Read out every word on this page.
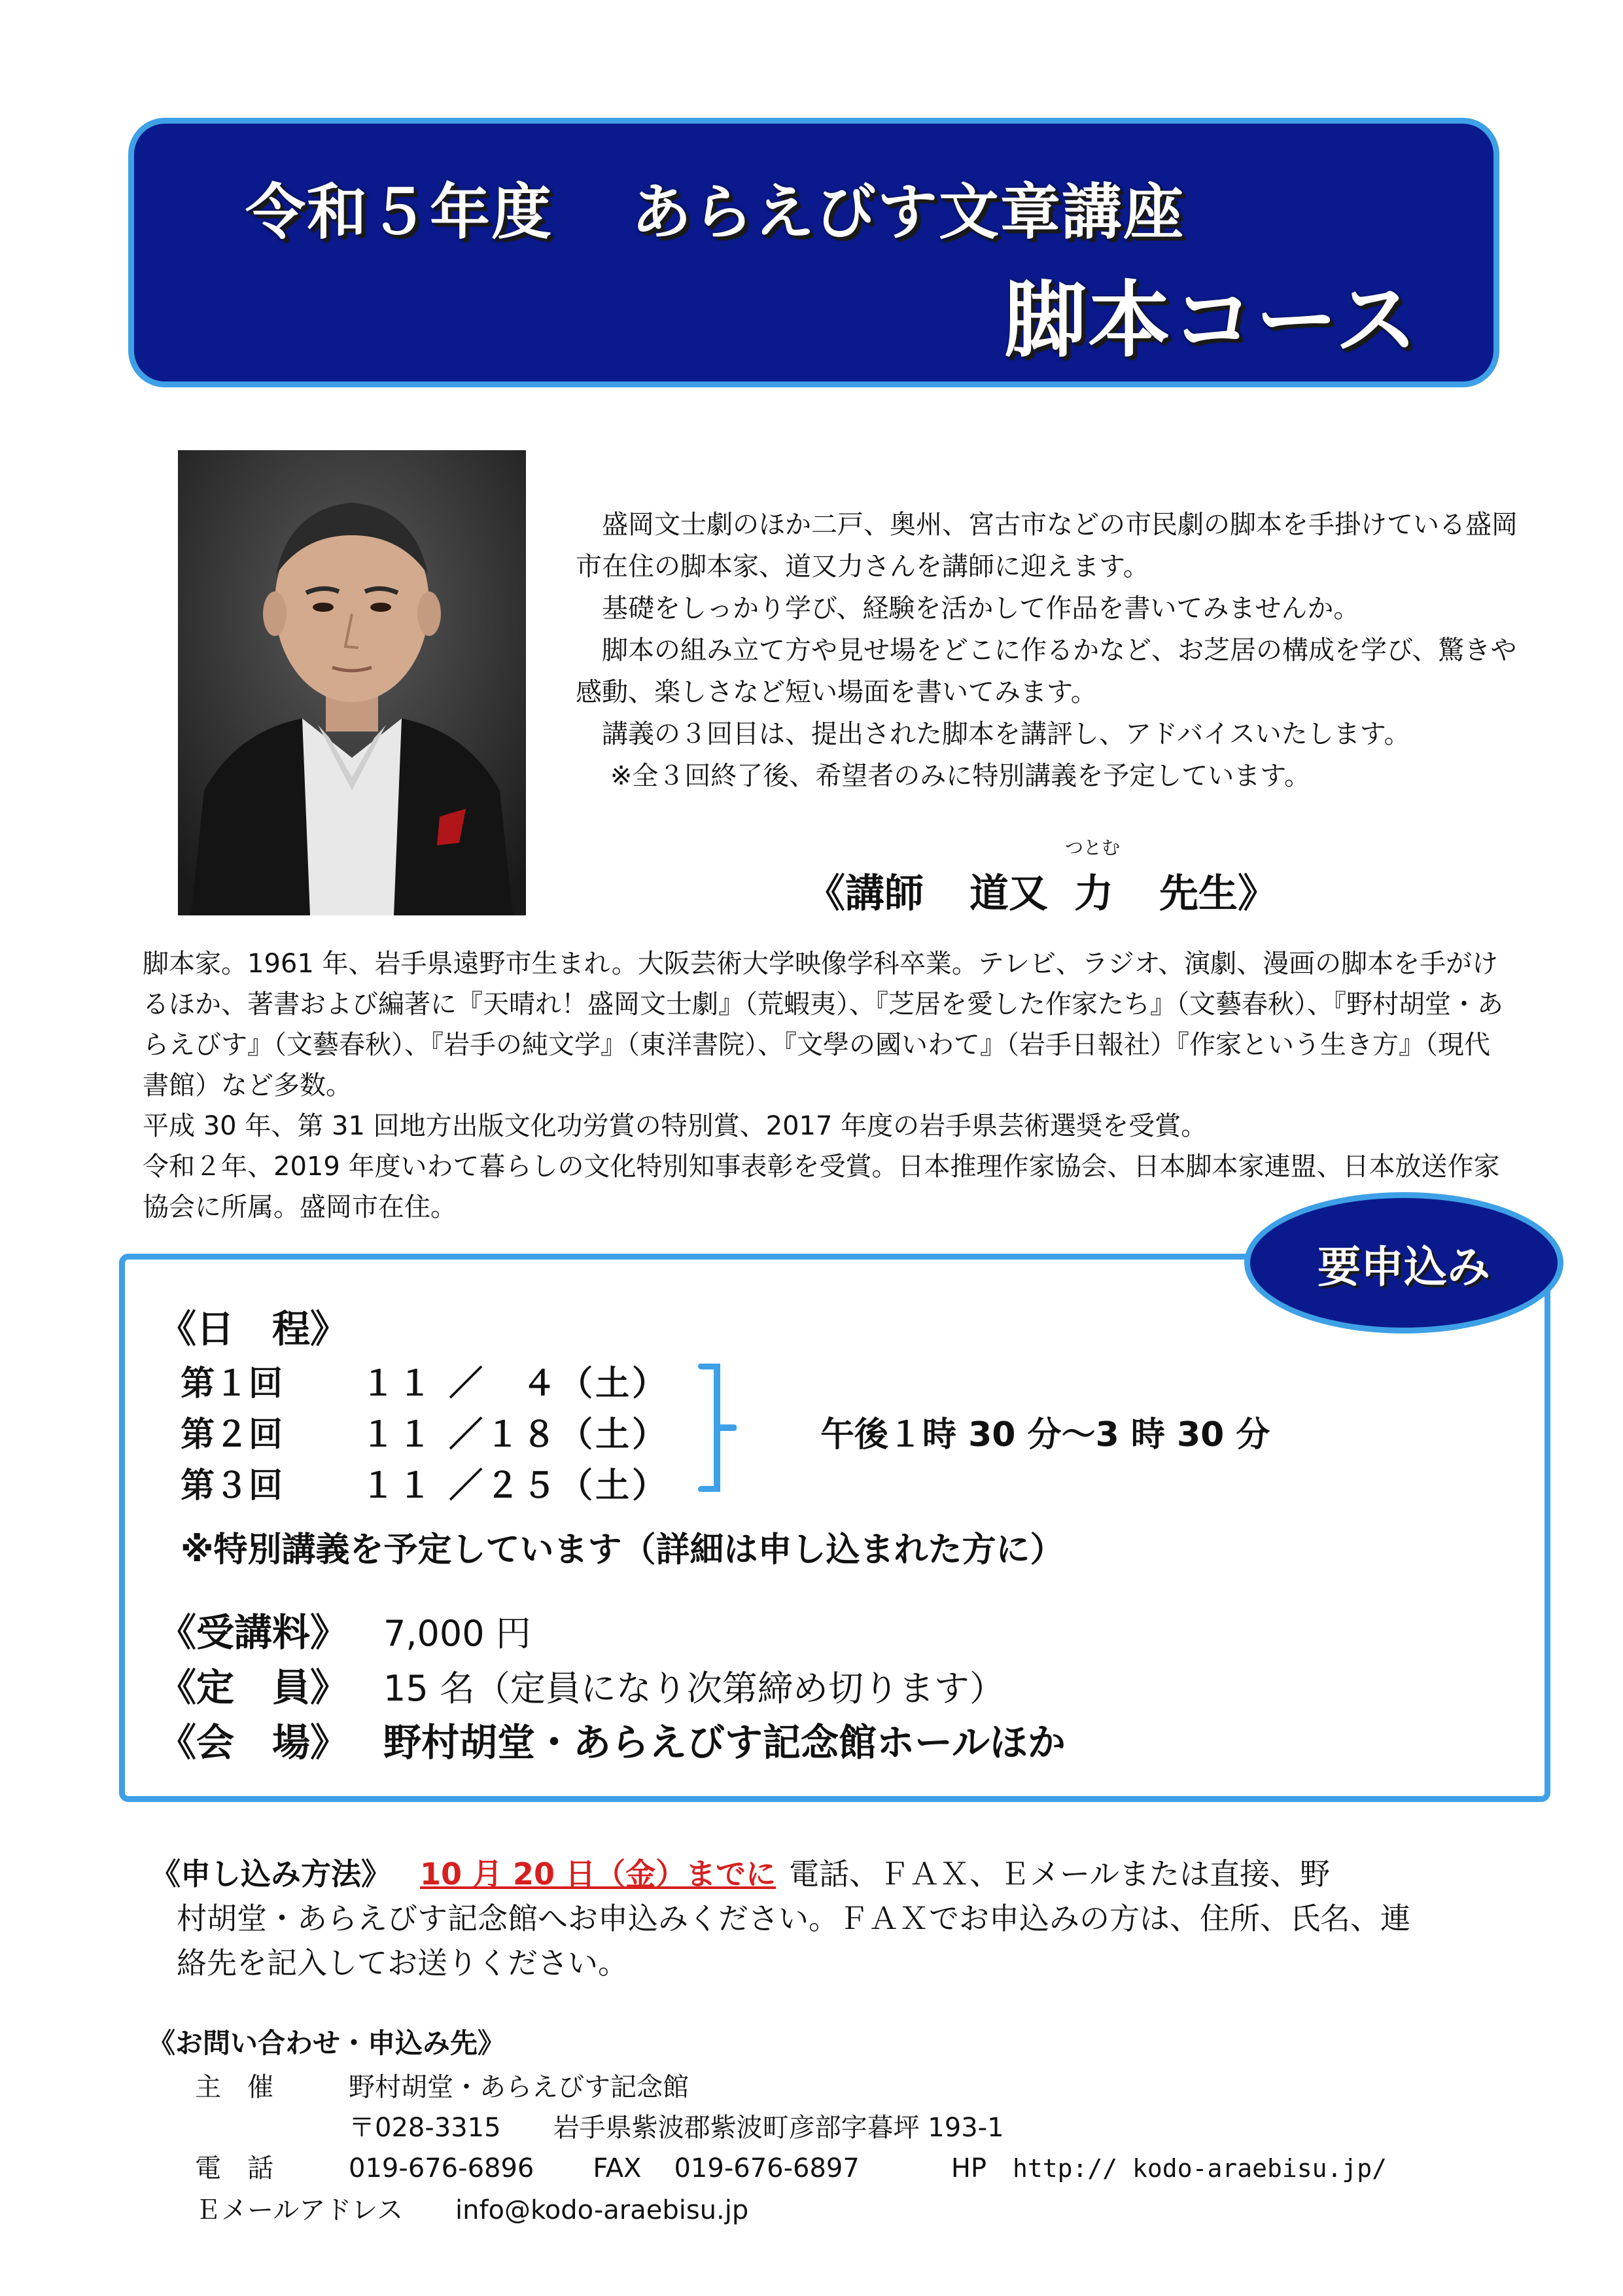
令和５年度 あらえびす文章講座
脚本コース

　盛岡文士劇のほか二戸、奥州、宮古市などの市民劇の脚本を手掛けている盛岡市在住の脚本家、道又力さんを講師に迎えます。

　基礎をしっかり学び、経験を活かして作品を書いてみませんか。

　脚本の組み立て方や見せ場をどこに作るかなど、お芝居の構成を学び、驚きや感動、楽しさなど短い場面を書いてみます。

　講義の３回目は、提出された脚本を講評し、アドバイスいたします。

　 ※全３回終了後、希望者のみに特別講義を予定しています。

《講師 道又
つとむ
力 先生》

脚本家。1961 年、岩手県遠野市生まれ。大阪芸術大学映像学科卒業。テレビ、ラジオ、演劇、漫画の脚本を手がけるほか、著書および編著に『天晴れ！盛岡文士劇』（荒蝦夷）、『芝居を愛した作家たち』（文藝春秋）、『野村胡堂・あらえびす』（文藝春秋）、『岩手の純文学』（東洋書院）、『文學の國いわて』（岩手日報社）『作家という生き方』（現代書館）など多数。

平成 30 年、第 31 回地方出版文化功労賞の特別賞、2017 年度の岩手県芸術選奨を受賞。

令和２年、2019 年度いわて暮らしの文化特別知事表彰を受賞。日本推理作家協会、日本脚本家連盟、日本放送作家協会に所属。盛岡市在住。

要申込み
《日　程》
第１回 １１ ／　４（土）
第２回 １１ ／１８（土）
第３回 １１ ／２５（土）
午後１時 30 分～3 時 30 分
※特別講義を予定しています（詳細は申し込まれた方に）
《受講料》 7,000 円
《定　員》 15 名（定員になり次第締め切ります）
《会　場》 野村胡堂・あらえびす記念館ホールほか

《申し込み方法》 10 月 20 日（金）までに 電話、ＦＡＸ、Ｅメールまたは直接、野

村胡堂・あらえびす記念館へお申込みください。ＦＡＸでお申込みの方は、住所、氏名、連
絡先を記入してお送りください。
《お問い合わせ・申込み先》
主　催	野村胡堂・あらえびす記念館
〒028-3315 岩手県紫波郡紫波町彦部字暮坪 193-1
電　話	019-676-6896 FAX 019-676-6897	HP http:// kodo-araebisu.jp/
Ｅメールアドレス info@kodo-araebisu.jp
